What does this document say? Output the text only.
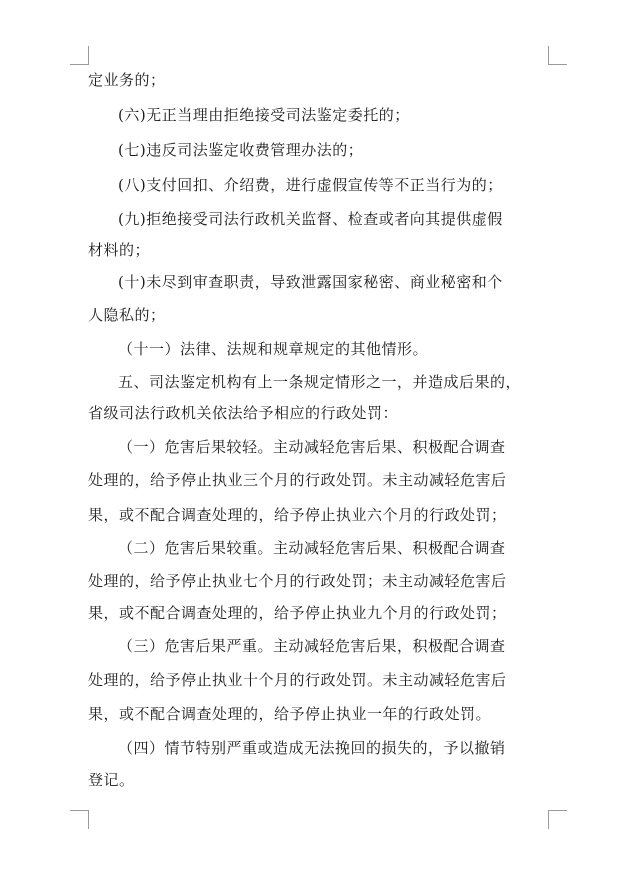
定业务的；
(六)无正当理由拒绝接受司法鉴定委托的；
(七)违反司法鉴定收费管理办法的；
(八)支付回扣、介绍费，进行虚假宣传等不正当行为的；
(九)拒绝接受司法行政机关监督、检查或者向其提供虚假
材料的；
(十)未尽到审查职责，导致泄露国家秘密、商业秘密和个
人隐私的；
（十一）法律、法规和规章规定的其他情形。
五、司法鉴定机构有上一条规定情形之一，并造成后果的，
省级司法行政机关依法给予相应的行政处罚：
（一）危害后果较轻。主动减轻危害后果、积极配合调查
处理的，给予停止执业三个月的行政处罚。未主动减轻危害后
果，或不配合调查处理的，给予停止执业六个月的行政处罚；
（二）危害后果较重。主动减轻危害后果、积极配合调查
处理的，给予停止执业七个月的行政处罚；未主动减轻危害后
果，或不配合调查处理的，给予停止执业九个月的行政处罚；
（三）危害后果严重。主动减轻危害后果，积极配合调查
处理的，给予停止执业十个月的行政处罚。未主动减轻危害后
果，或不配合调查处理的，给予停止执业一年的行政处罚。
（四）情节特别严重或造成无法挽回的损失的，予以撤销
登记。
